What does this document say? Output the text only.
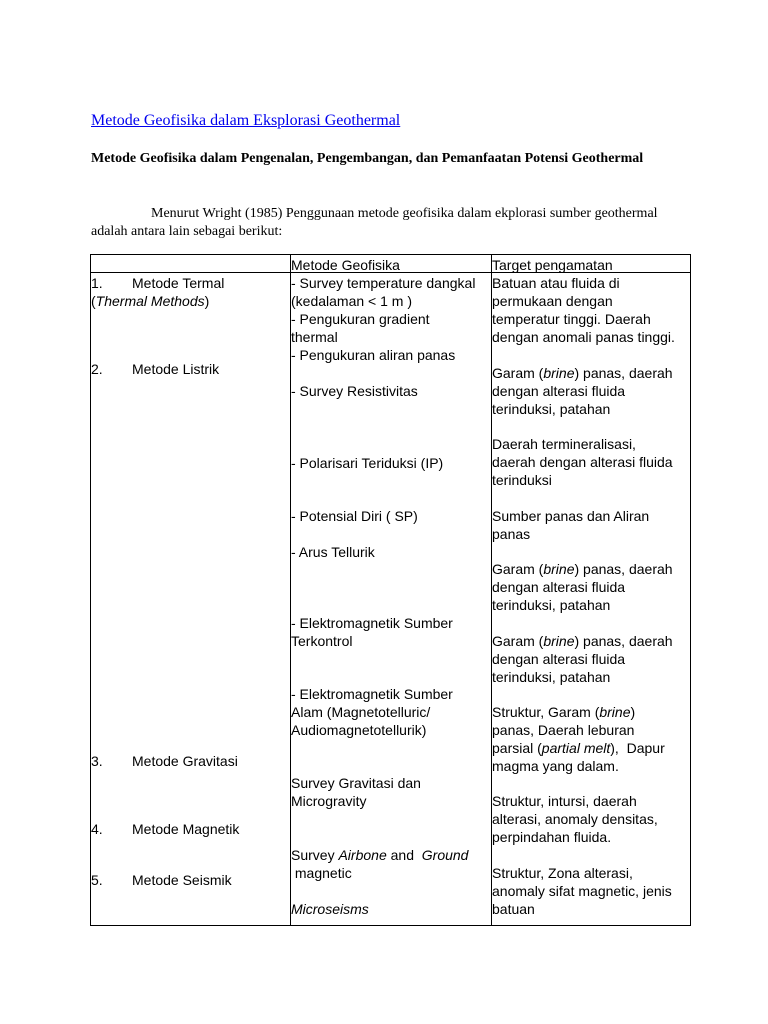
Metode Geofisika dalam Eksplorasi Geothermal
Metode Geofisika dalam Pengenalan, Pengembangan, dan Pemanfaatan Potensi Geothermal
Menurut Wright (1985) Penggunaan metode geofisika dalam ekplorasi sumber geothermal adalah antara lain sebagai berikut:
Metode Geofisika	Target pengamatan
1. Metode Termal
(Thermal Methods)
2. Metode Listrik
3. Metode Gravitasi
4. Metode Magnetik
5. Metode Seismik
- Survey temperature dangkal
(kedalaman < 1 m )
- Pengukuran gradient
thermal
- Pengukuran aliran panas
- Survey Resistivitas
- Polarisari Teriduksi (IP)
- Potensial Diri ( SP)
- Arus Tellurik
- Elektromagnetik Sumber
Terkontrol
- Elektromagnetik Sumber
Alam (Magnetotelluric/
Audiomagnetotellurik)
Survey Gravitasi dan
Microgravity
Survey Airbone and  Ground
magnetic
Microseisms
Batuan atau fluida di
permukaan dengan
temperatur tinggi. Daerah
dengan anomali panas tinggi.
Garam (brine) panas, daerah
dengan alterasi fluida
terinduksi, patahan
Daerah termineralisasi,
daerah dengan alterasi fluida
terinduksi
Sumber panas dan Aliran
panas
Garam (brine) panas, daerah
dengan alterasi fluida
terinduksi, patahan
Garam (brine) panas, daerah
dengan alterasi fluida
terinduksi, patahan
Struktur, Garam (brine)
panas, Daerah leburan
parsial (partial melt),  Dapur
magma yang dalam.
Struktur, intursi, daerah
alterasi, anomaly densitas,
perpindahan fluida.
Struktur, Zona alterasi,
anomaly sifat magnetic, jenis
batuan
